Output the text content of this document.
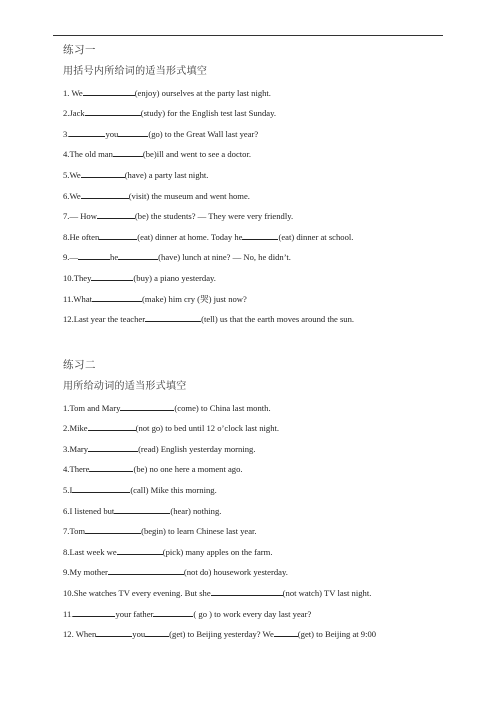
练习一
用括号内所给词的适当形式填空
1. We	(enjoy) ourselves at the party last night.
2.Jack	(study) for the English test last Sunday.
3.	you	(go) to the Great Wall last year?
4.The old man	(be)ill and went to see a doctor.
5.We	(have) a party last night.
6.We	(visit) the museum and went home.
7.— How	(be) the students? — They were very friendly.
8.He often	(eat) dinner at home. Today he	(eat) dinner at school.
9.—	he	(have) lunch at nine? — No, he didn’t.
10.They	(buy) a piano yesterday.
11.What	(make) him cry (哭) just now?
12.Last year the teacher	(tell) us that the earth moves around the sun.
练习二
用所给动词的适当形式填空
1.Tom and Mary	(come) to China last month.
2.Mike	(not go) to bed until 12 o’clock last night.
3.Mary	(read) English yesterday morning.
4.There	(be) no one here a moment ago.
5.I	(call) Mike this morning.
6.I listened but	(hear) nothing.
7.Tom	(begin) to learn Chinese last year.
8.Last week we	(pick) many apples on the farm.
9.My mother	(not do) housework yesterday.
10.She watches TV every evening. But she	(not watch) TV last night.
11.	your father	( go ) to work every day last year?
12. When	you	(get) to Beijing yesterday? We	(get) to Beijing at 9:00
